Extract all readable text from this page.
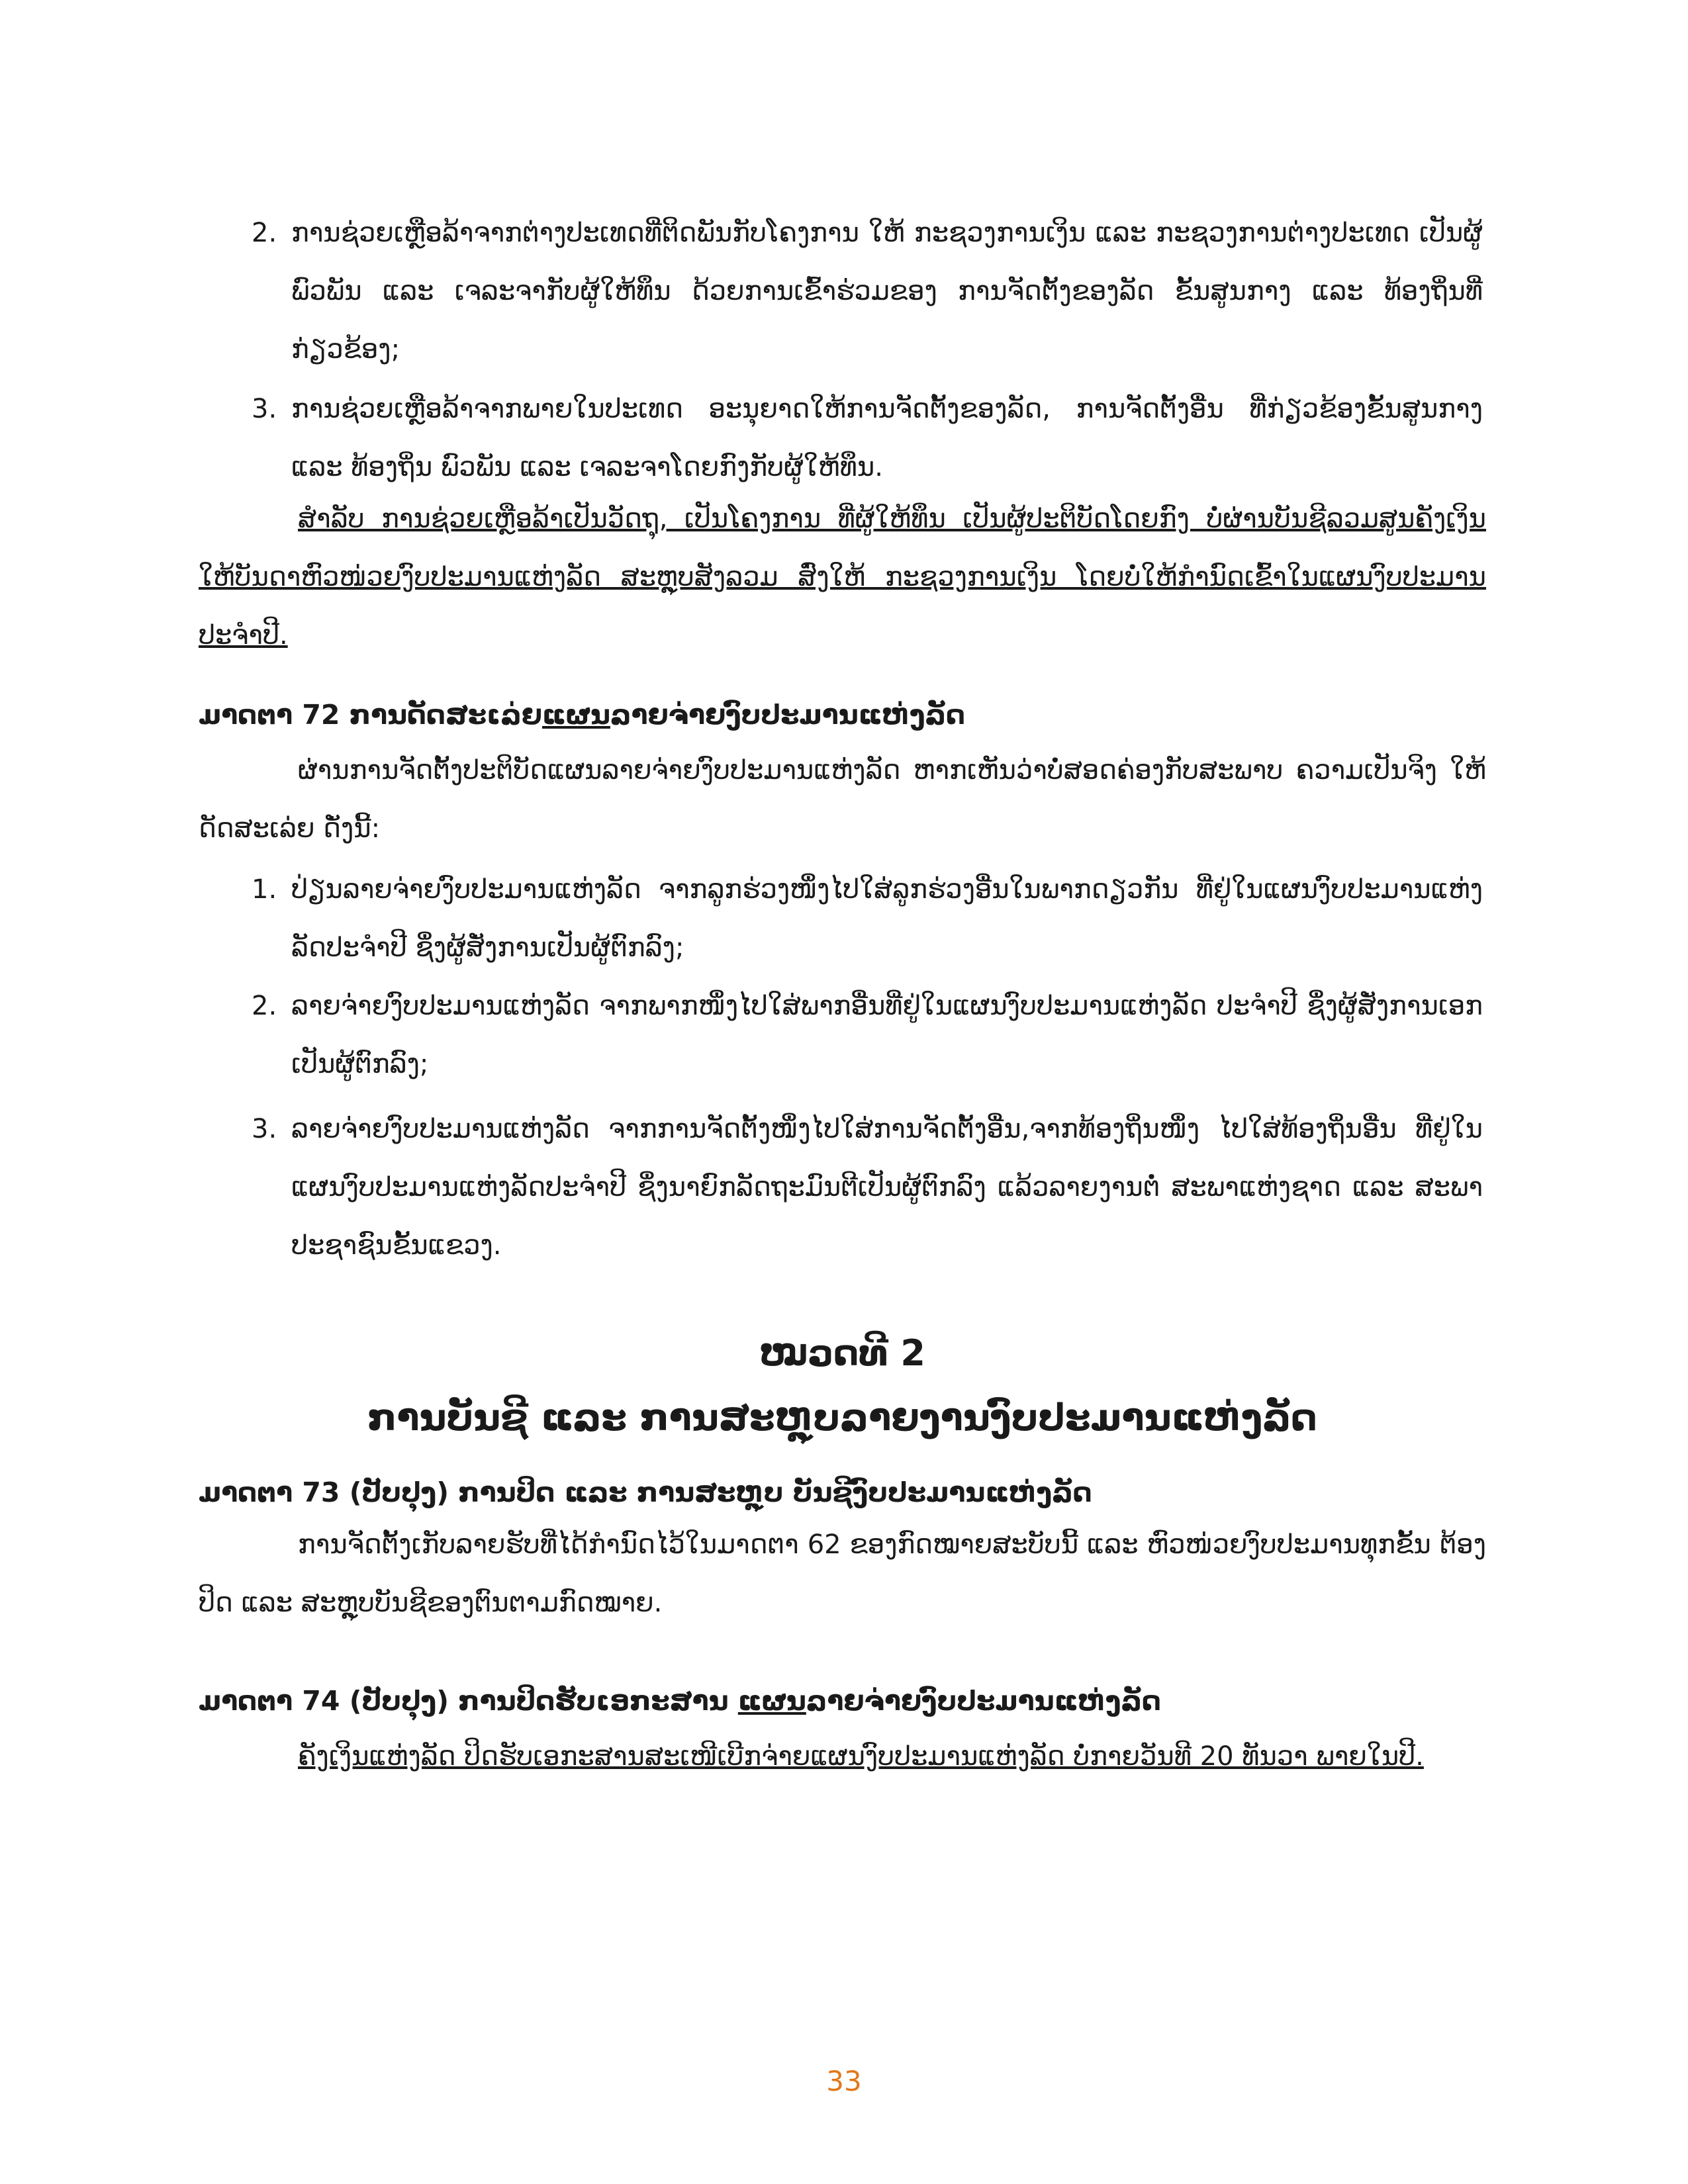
2. ການຊ່ວຍເຫຼືອລ້າຈາກຕ່າງປະເທດທີ່ຕິດພັນກັບໂຄງການ ໃຫ້ ກະຊວງການເງິນ ແລະ ກະຊວງການຕ່າງປະເທດ ເປັນຜູ້ພົວພັນ ແລະ ເຈລະຈາກັບຜູ້ໃຫ້ທຶນ ດ້ວຍການເຂົ້າຮ່ວມຂອງ ການຈັດຕັ້ງຂອງລັດ ຂັ້ນສູນກາງ ແລະ ທ້ອງຖິ່ນທີ່ກ່ຽວຂ້ອງ;
3. ການຊ່ວຍເຫຼືອລ້າຈາກພາຍໃນປະເທດ ອະນຸຍາດໃຫ້ການຈັດຕັ້ງຂອງລັດ, ການຈັດຕັ້ງອື່ນ ທີ່ກ່ຽວຂ້ອງຂັ້ນສູນກາງ ແລະ ທ້ອງຖິ່ນ ພົວພັນ ແລະ ເຈລະຈາໂດຍກົງກັບຜູ້ໃຫ້ທຶນ.
ສຳລັບ ການຊ່ວຍເຫຼືອລ້າເປັນວັດຖຸ, ເປັນໂຄງການ ທີ່ຜູ້ໃຫ້ທຶນ ເປັນຜູ້ປະຕິບັດໂດຍກົງ ບໍ່ຜ່ານບັນຊີລວມສູນຄັງເງິນ ໃຫ້ບັນດາຫົວໜ່ວຍງົບປະມານແຫ່ງລັດ ສະຫຼຸບສັງລວມ ສົ່ງໃຫ້ ກະຊວງການເງິນ ໂດຍບໍ່ໃຫ້ກຳນົດເຂົ້າໃນແຜນງົບປະມານປະຈຳປີ.
ມາດຕາ 72 ການດັດສະເລ່ຍແຜນລາຍຈ່າຍງົບປະມານແຫ່ງລັດ
ຜ່ານການຈັດຕັ້ງປະຕິບັດແຜນລາຍຈ່າຍງົບປະມານແຫ່ງລັດ ຫາກເຫັນວ່າບໍ່ສອດຄ່ອງກັບສະພາບ ຄວາມເປັນຈິງ ໃຫ້ດັດສະເລ່ຍ ດັ່ງນີ້:
1. ປ່ຽນລາຍຈ່າຍງົບປະມານແຫ່ງລັດ ຈາກລູກຮ່ວງໜຶ່ງໄປໃສ່ລູກຮ່ວງອື່ນໃນພາກດຽວກັນ ທີ່ຢູ່ໃນແຜນງົບປະມານແຫ່ງລັດປະຈຳປີ ຊຶ່ງຜູ້ສັ່ງການເປັນຜູ້ຕົກລົງ;
2. ລາຍຈ່າຍງົບປະມານແຫ່ງລັດ ຈາກພາກໜຶ່ງໄປໃສ່ພາກອື່ນທີ່ຢູ່ໃນແຜນງົບປະມານແຫ່ງລັດ ປະຈຳປີ ຊຶ່ງຜູ້ສັ່ງການເອກເປັນຜູ້ຕົກລົງ;
3. ລາຍຈ່າຍງົບປະມານແຫ່ງລັດ ຈາກການຈັດຕັ້ງໜຶ່ງໄປໃສ່ການຈັດຕັ້ງອື່ນ,ຈາກທ້ອງຖິ່ນໜຶ່ງ ໄປໃສ່ທ້ອງຖິ່ນອື່ນ ທີ່ຢູ່ໃນແຜນງົບປະມານແຫ່ງລັດປະຈຳປີ ຊຶ່ງນາຍົກລັດຖະມົນຕີເປັນຜູ້ຕົກລົງ ແລ້ວລາຍງານຕໍ່ ສະພາແຫ່ງຊາດ ແລະ ສະພາປະຊາຊົນຂັ້ນແຂວງ.
ໝວດທີ 2
ການບັນຊີ ແລະ ການສະຫຼຸບລາຍງານງົບປະມານແຫ່ງລັດ
ມາດຕາ 73 (ປັບປຸງ) ການປິດ ແລະ ການສະຫຼຸບ ບັນຊີງົບປະມານແຫ່ງລັດ
ການຈັດຕັ້ງເກັບລາຍຮັບທີ່ໄດ້ກຳນົດໄວ້ໃນມາດຕາ 62 ຂອງກົດໝາຍສະບັບນີ້ ແລະ ຫົວໜ່ວຍງົບປະມານທຸກຂັ້ນ ຕ້ອງປິດ ແລະ ສະຫຼຸບບັນຊີຂອງຕົນຕາມກົດໝາຍ.
ມາດຕາ 74 (ປັບປຸງ) ການປິດຮັບເອກະສານ ແຜນລາຍຈ່າຍງົບປະມານແຫ່ງລັດ
ຄັງເງິນແຫ່ງລັດ ປິດຮັບເອກະສານສະເໜີເບີກຈ່າຍແຜນງົບປະມານແຫ່ງລັດ ບໍ່ກາຍວັນທີ 20 ທັນວາ ພາຍໃນປີ.
33
